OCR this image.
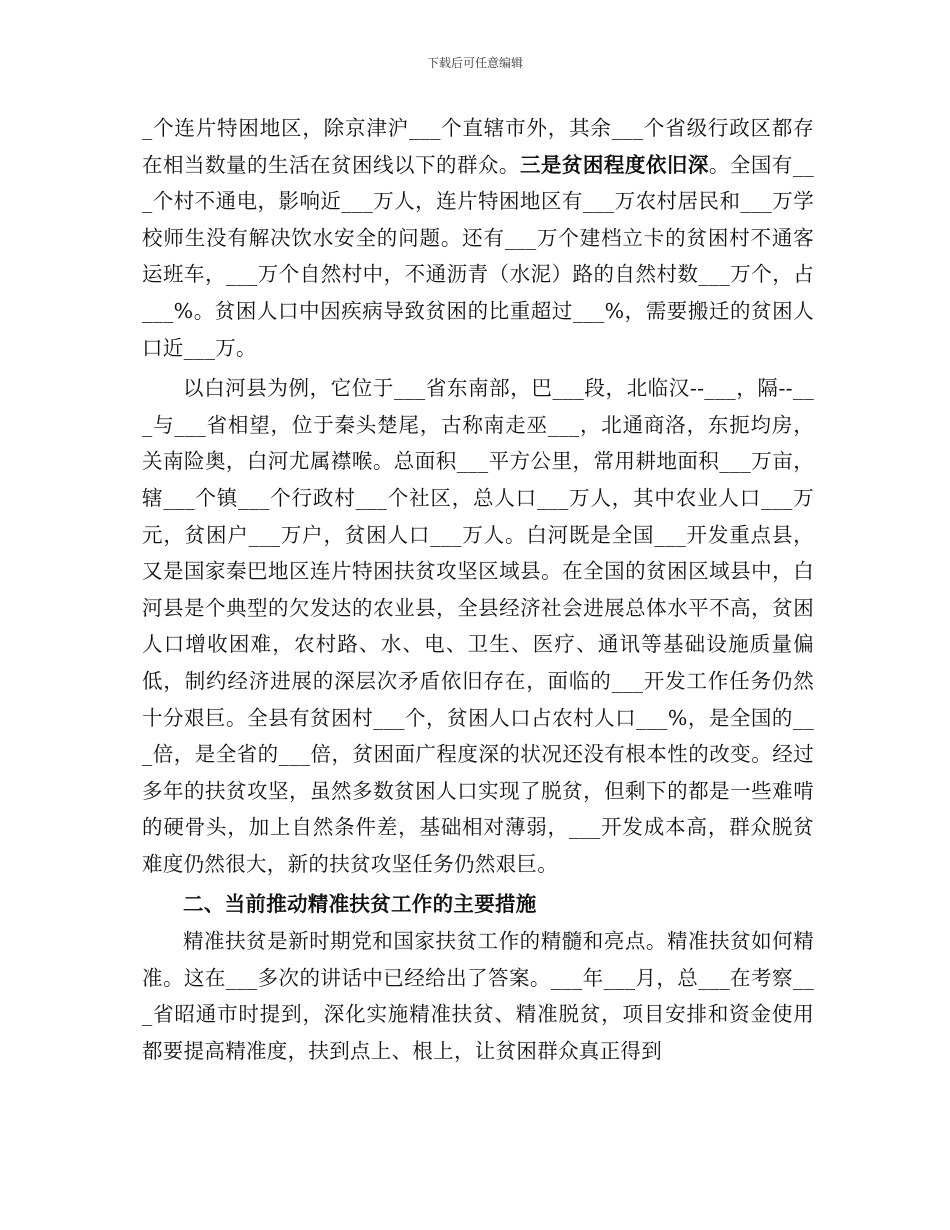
下载后可任意编辑

_个连片特困地区，除京津沪___个直辖市外，其余___个省级行政区都存在相当数量的生活在贫困线以下的群众。三是贫困程度依旧深。全国有___个村不通电，影响近___万人，连片特困地区有___万农村居民和___万学校师生没有解决饮水安全的问题。还有___万个建档立卡的贫困村不通客运班车，___万个自然村中，不通沥青（水泥）路的自然村数___万个，占___%。贫困人口中因疾病导致贫困的比重超过___%，需要搬迁的贫困人口近___万。

以白河县为例，它位于___省东南部，巴___段，北临汉--___，隔--___与___省相望，位于秦头楚尾，古称南走巫___，北通商洛，东扼均房，关南险奥，白河尤属襟喉。总面积___平方公里，常用耕地面积___万亩，辖___个镇___个行政村___个社区，总人口___万人，其中农业人口___万元，贫困户___万户，贫困人口___万人。白河既是全国___开发重点县，又是国家秦巴地区连片特困扶贫攻坚区域县。在全国的贫困区域县中，白河县是个典型的欠发达的农业县，全县经济社会进展总体水平不高，贫困人口增收困难，农村路、水、电、卫生、医疗、通讯等基础设施质量偏低，制约经济进展的深层次矛盾依旧存在，面临的___开发工作任务仍然十分艰巨。全县有贫困村___个，贫困人口占农村人口___%，是全国的___倍，是全省的___倍，贫困面广程度深的状况还没有根本性的改变。经过多年的扶贫攻坚，虽然多数贫困人口实现了脱贫，但剩下的都是一些难啃的硬骨头，加上自然条件差，基础相对薄弱，___开发成本高，群众脱贫难度仍然很大，新的扶贫攻坚任务仍然艰巨。

二、当前推动精准扶贫工作的主要措施

精准扶贫是新时期党和国家扶贫工作的精髓和亮点。精准扶贫如何精准。这在___多次的讲话中已经给出了答案。___年___月，总___在考察___省昭通市时提到，深化实施精准扶贫、精准脱贫，项目安排和资金使用都要提高精准度，扶到点上、根上，让贫困群众真正得到
